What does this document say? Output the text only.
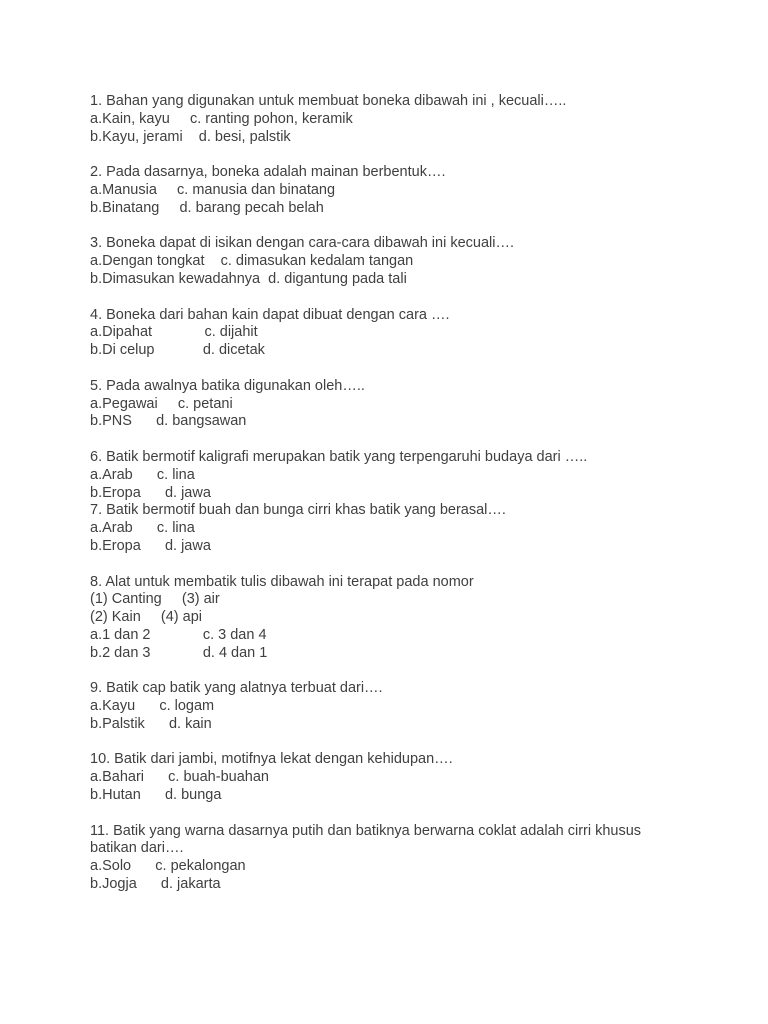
1. Bahan yang digunakan untuk membuat boneka dibawah ini , kecuali…..
a.Kain, kayu     c. ranting pohon, keramik
b.Kayu, jerami    d. besi, palstik
2. Pada dasarnya, boneka adalah mainan berbentuk….
a.Manusia     c. manusia dan binatang
b.Binatang     d. barang pecah belah
3. Boneka dapat di isikan dengan cara-cara dibawah ini kecuali….
a.Dengan tongkat    c. dimasukan kedalam tangan
b.Dimasukan kewadahnya  d. digantung pada tali
4. Boneka dari bahan kain dapat dibuat dengan cara ….
a.Dipahat             c. dijahit
b.Di celup            d. dicetak
5. Pada awalnya batika digunakan oleh…..
a.Pegawai     c. petani
b.PNS      d. bangsawan
6. Batik bermotif kaligrafi merupakan batik yang terpengaruhi budaya dari …..
a.Arab      c. lina
b.Eropa      d. jawa
7. Batik bermotif buah dan bunga cirri khas batik yang berasal….
a.Arab      c. lina
b.Eropa      d. jawa
8. Alat untuk membatik tulis dibawah ini terapat pada nomor
(1) Canting     (3) air
(2) Kain     (4) api
a.1 dan 2             c. 3 dan 4
b.2 dan 3             d. 4 dan 1
9. Batik cap batik yang alatnya terbuat dari….
a.Kayu      c. logam
b.Palstik      d. kain
10. Batik dari jambi, motifnya lekat dengan kehidupan….
a.Bahari      c. buah-buahan
b.Hutan      d. bunga
11. Batik yang warna dasarnya putih dan batiknya berwarna coklat adalah cirri khusus batikan dari….
a.Solo      c. pekalongan
b.Jogja      d. jakarta
